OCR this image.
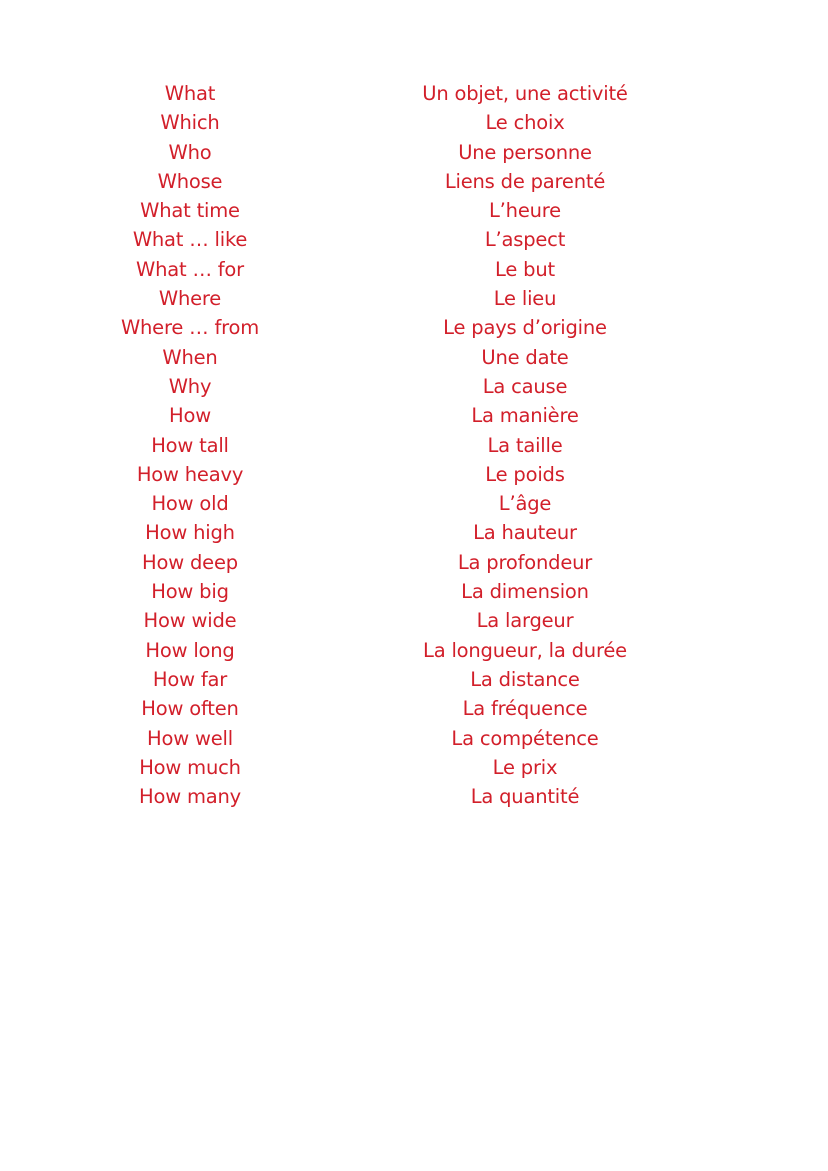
What	Un objet, une activité
Which	Le choix
Who	Une personne
Whose	Liens de parenté
What time	L’heure
What … like	L’aspect
What … for	Le but
Where	Le lieu
Where … from	Le pays d’origine
When	Une date
Why	La cause
How	La manière
How tall	La taille
How heavy	Le poids
How old	L’âge
How high	La hauteur
How deep	La profondeur
How big	La dimension
How wide	La largeur
How long	La longueur, la durée
How far	La distance
How often	La fréquence
How well	La compétence
How much	Le prix
How many	La quantité
